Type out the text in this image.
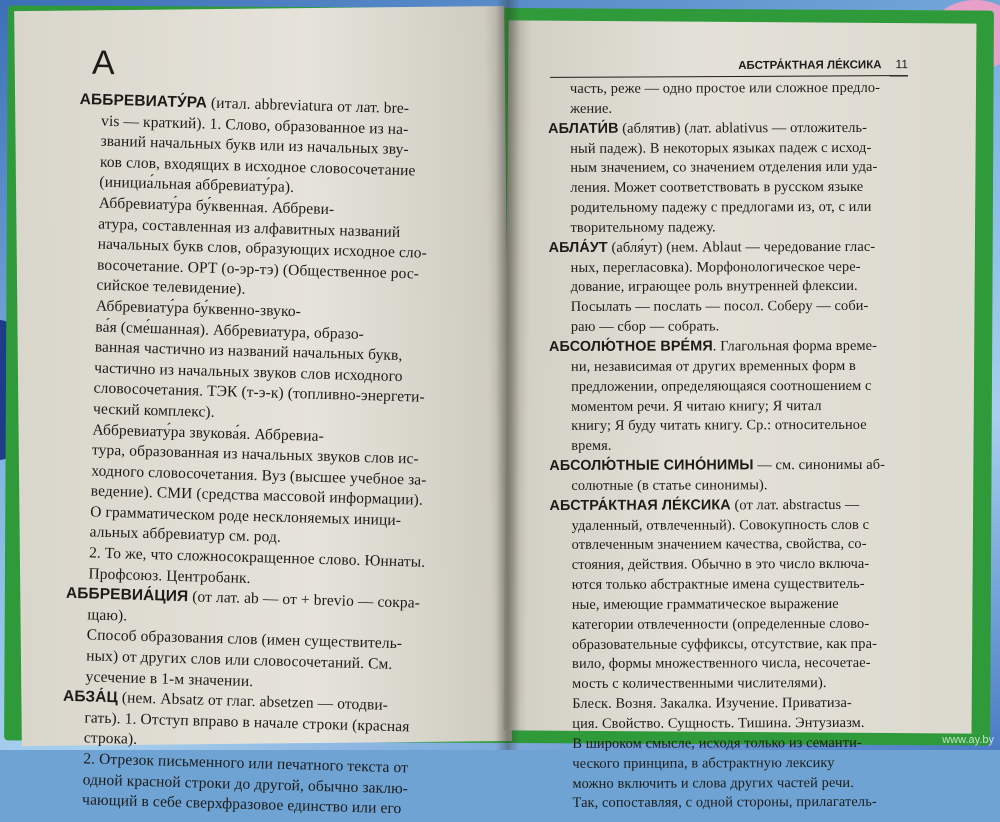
А	АБСТРА́КТНАЯ ЛЕ́КСИКА 11
АББРЕВИАТУ́РА (итал. abbreviatura от лат. bre-
vis — краткий). 1. Слово, образованное из на-
званий начальных букв или из начальных зву-
ков слов, входящих в исходное словосочетание
(инициа́льная аббревиату́ра).
Аббревиату́ра бу́квенная. Аббреви-
атура, составленная из алфавитных названий
начальных букв слов, образующих исходное сло-
восочетание. ОРТ (о-эр-тэ) (Общественное рос-
сийское телевидение).
Аббревиату́ра бу́квенно-звуко-
ва́я (сме́шанная). Аббревиатура, образо-
ванная частично из названий начальных букв,
частично из начальных звуков слов исходного
словосочетания. ТЭК (т-э-к) (топливно-энергети-
ческий комплекс).
Аббревиату́ра звукова́я. Аббревиа-
тура, образованная из начальных звуков слов ис-
ходного словосочетания. Вуз (высшее учебное за-
ведение). СМИ (средства массовой информации).
О грамматическом роде несклоняемых иници-
альных аббревиатур см. род.
2. То же, что сложносокращенное слово. Юннаты.
Профсоюз. Центробанк.
АББРЕВИА́ЦИЯ (от лат. ab — от + brevio — сокра-
щаю).
Способ образования слов (имен существитель-
ных) от других слов или словосочетаний. См.
усечение в 1-м значении.
АБЗА́Ц (нем. Absatz от глаг. absetzen — отодви-
гать). 1. Отступ вправо в начале строки (красная
строка).
2. Отрезок письменного или печатного текста от
одной красной строки до другой, обычно заклю-
чающий в себе сверхфразовое единство или его
часть, реже — одно простое или сложное предло-
жение.
АБЛАТИ́В (аблятив) (лат. ablativus — отложитель-
ный падеж). В некоторых языках падеж с исход-
ным значением, со значением отделения или уда-
ления. Может соответствовать в русском языке
родительному падежу с предлогами из, от, с или
творительному падежу.
АБЛА́УТ (абля́ут) (нем. Ablaut — чередование глас-
ных, перегласовка). Морфонологическое чере-
дование, играющее роль внутренней флексии.
Посылать — послать — посол. Соберу — соби-
раю — сбор — собрать.
АБСОЛЮ́ТНОЕ ВРЕ́МЯ. Глагольная форма време-
ни, независимая от других временных форм в
предложении, определяющаяся соотношением с
моментом речи. Я читаю книгу; Я читал
книгу; Я буду читать книгу. Ср.: относительное
время.
АБСОЛЮ́ТНЫЕ СИНО́НИМЫ — см. синонимы аб-
солютные (в статье синонимы).
АБСТРА́КТНАЯ ЛЕ́КСИКА (от лат. abstractus —
удаленный, отвлеченный). Совокупность слов с
отвлеченным значением качества, свойства, со-
стояния, действия. Обычно в это число включа-
ются только абстрактные имена существитель-
ные, имеющие грамматическое выражение
категории отвлеченности (определенные слово-
образовательные суффиксы, отсутствие, как пра-
вило, формы множественного числа, несочетае-
мость с количественными числителями).
Блеск. Возня. Закалка. Изучение. Приватиза-
ция. Свойство. Сущность. Тишина. Энтузиазм.
В широком смысле, исходя только из семанти-
ческого принципа, в абстрактную лексику
можно включить и слова других частей речи.
Так, сопоставляя, с одной стороны, прилагатель-
www.ay.by
